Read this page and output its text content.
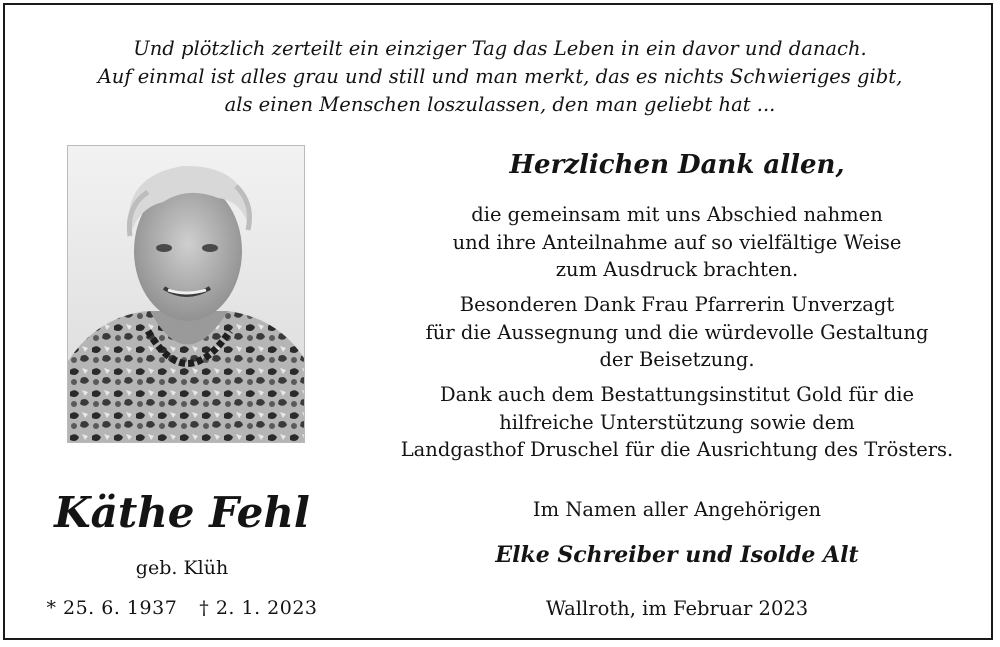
Und plötzlich zerteilt ein einziger Tag das Leben in ein davor und danach.
Auf einmal ist alles grau und still und man merkt, das es nichts Schwieriges gibt,
als einen Menschen loszulassen, den man geliebt hat ...
Käthe Fehl
geb. Klüh
* 25. 6. 1937 † 2. 1. 2023
Herzlichen Dank allen,
die gemeinsam mit uns Abschied nahmen
und ihre Anteilnahme auf so vielfältige Weise
zum Ausdruck brachten.
Besonderen Dank Frau Pfarrerin Unverzagt
für die Aussegnung und die würdevolle Gestaltung
der Beisetzung.
Dank auch dem Bestattungsinstitut Gold für die
hilfreiche Unterstützung sowie dem
Landgasthof Druschel für die Ausrichtung des Trösters.
Im Namen aller Angehörigen
Elke Schreiber und Isolde Alt
Wallroth, im Februar 2023
